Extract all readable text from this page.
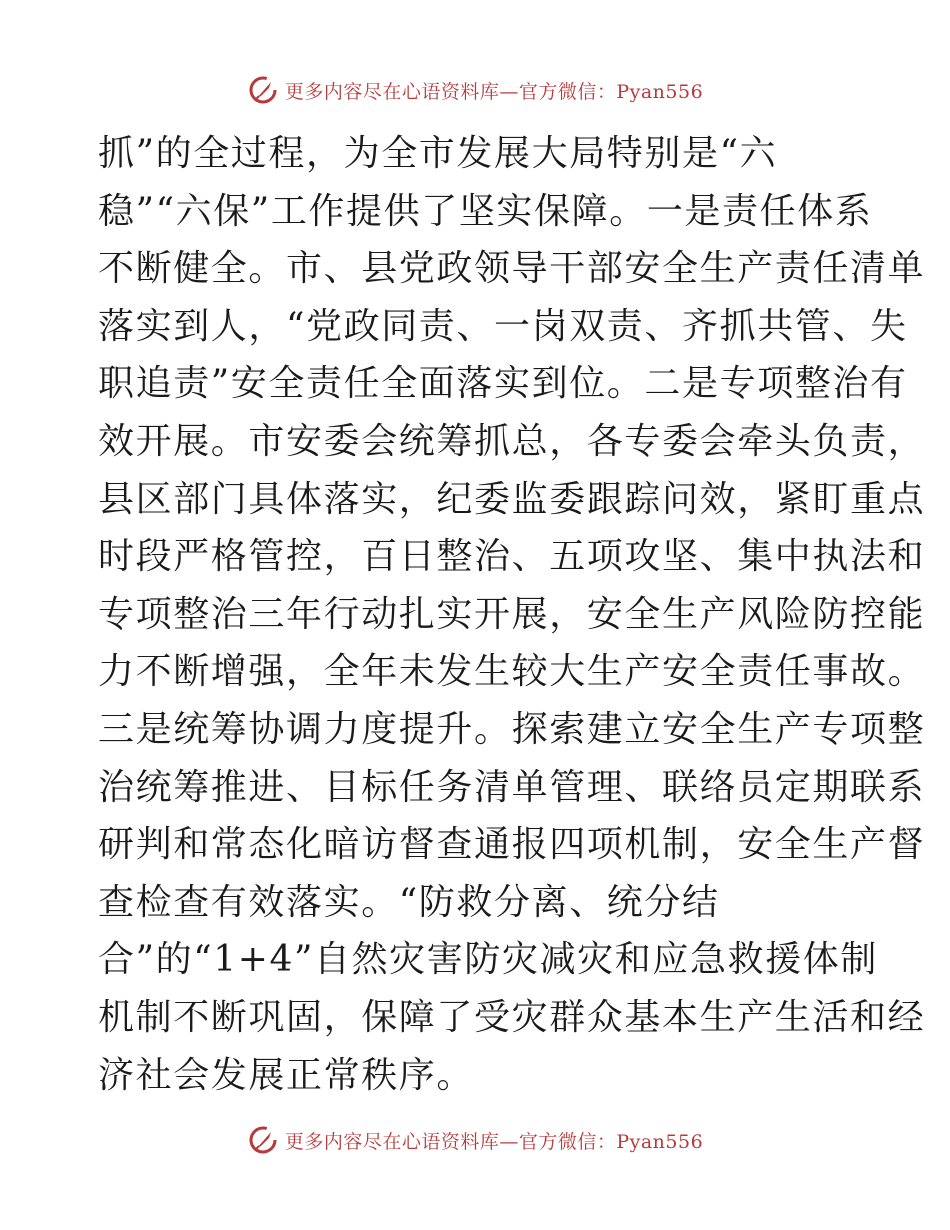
更多内容尽在心语资料库—官方微信：Pyan556
抓”的全过程，为全市发展大局特别是“六
稳”“六保”工作提供了坚实保障。一是责任体系
不断健全。市、县党政领导干部安全生产责任清单
落实到人，“党政同责、一岗双责、齐抓共管、失
职追责”安全责任全面落实到位。二是专项整治有
效开展。市安委会统筹抓总，各专委会牵头负责，
县区部门具体落实，纪委监委跟踪问效，紧盯重点
时段严格管控，百日整治、五项攻坚、集中执法和
专项整治三年行动扎实开展，安全生产风险防控能
力不断增强，全年未发生较大生产安全责任事故。
三是统筹协调力度提升。探索建立安全生产专项整
治统筹推进、目标任务清单管理、联络员定期联系
研判和常态化暗访督查通报四项机制，安全生产督
查检查有效落实。“防救分离、统分结
合”的“1+4”自然灾害防灾减灾和应急救援体制
机制不断巩固，保障了受灾群众基本生产生活和经
济社会发展正常秩序。
更多内容尽在心语资料库—官方微信：Pyan556
